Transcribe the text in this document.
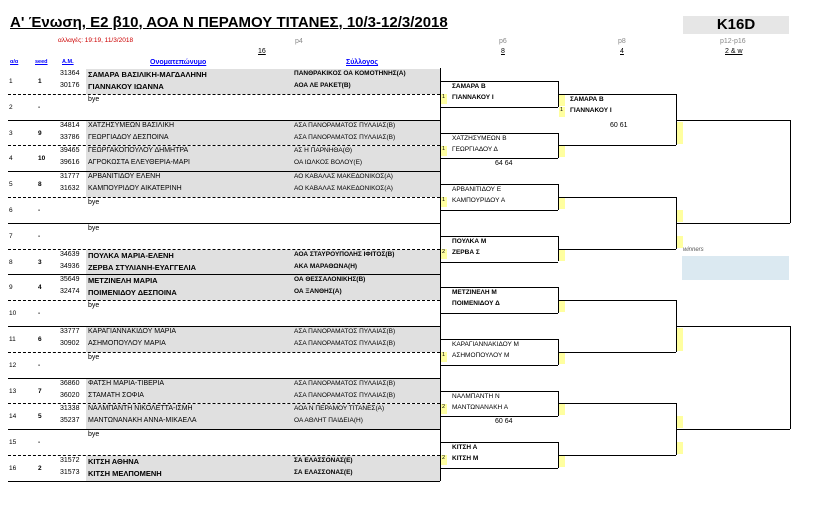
Α' Ένωση, Ε2 β10, ΑΟΑ Ν ΠΕΡΑΜΟΥ ΤΙΤΑΝΕΣ, 10/3-12/3/2018	K16D
αλλαγές: 19:19, 11/3/2018	p4	p6	p8	p12-p16
16	8	4	2 & w
α/α	seed	Α.Μ.	Ονοματεπώνυμο	Σύλλογος
1	1
31364 ΣΑΜΑΡΑ ΒΑΣΙΛΙΚΗ-ΜΑΓΔΑΛΗΝΗ	ΠΑΝΘΡΑΚΙΚΟΣ ΟΑ ΚΟΜΟΤΗΝΗΣ(Α)
30176 ΓΙΑΝΝΑΚΟΥ ΙΩΑΝΝΑ	ΑΟΑ ΛΕ ΡΑΚΕΤ(Β)
2	-
bye
3	9
34814 ΧΑΤΖΗΣΥΜΕΩΝ ΒΑΣΙΛΙΚΗ	ΑΣΑ ΠΑΝΟΡΑΜΑΤΟΣ ΠΥΛΑΙΑΣ(Β)
33786 ΓΕΩΡΓΙΑΔΟΥ ΔΕΣΠΟΙΝΑ	ΑΣΑ ΠΑΝΟΡΑΜΑΤΟΣ ΠΥΛΑΙΑΣ(Β)
4	10
39465 ΓΕΩΡΓΑΚΟΠΟΥΛΟΥ ΔΗΜΗΤΡΑ	ΑΣ Η ΠΑΡΝΗΘΑ(Θ)
39616 ΑΓΡΟΚΩΣΤΑ ΕΛΕΥΘΕΡΙΑ-ΜΑΡΙ	ΟΑ ΙΩΛΚΟΣ ΒΟΛΟΥ(Ε)
5	8
31777 ΑΡΒΑΝΙΤΙΔΟΥ ΕΛΕΝΗ	ΑΟ ΚΑΒΑΛΑΣ ΜΑΚΕΔΟΝΙΚΟΣ(Α)
31632 ΚΑΜΠΟΥΡΙΔΟΥ ΑΙΚΑΤΕΡΙΝΗ	ΑΟ ΚΑΒΑΛΑΣ ΜΑΚΕΔΟΝΙΚΟΣ(Α)
6	-
bye
7	-
bye
8	3
34639 ΠΟΥΛΚΑ ΜΑΡΙΑ-ΕΛΕΝΗ	ΑΟΑ ΣΤΑΥΡΟΥΠΟΛΗΣ ΙΦΙΤΟΣ(Β)
34936 ΖΕΡΒΑ ΣΤΥΛΙΑΝΗ-ΕΥΑΓΓΕΛΙΑ	ΑΚΑ ΜΑΡΑΘΩΝΑ(Η)
9	4
35649 ΜΕΤΖΙΝΕΛΗ ΜΑΡΙΑ	ΟΑ ΘΕΣΣΑΛΟΝΙΚΗΣ(Β)
32474 ΠΟΙΜΕΝΙΔΟΥ ΔΕΣΠΟΙΝΑ	ΟΑ ΞΑΝΘΗΣ(Α)
10	-
bye
11	6
33777 ΚΑΡΑΓΙΑΝΝΑΚΙΔΟΥ ΜΑΡΙΑ	ΑΣΑ ΠΑΝΟΡΑΜΑΤΟΣ ΠΥΛΑΙΑΣ(Β)
30902 ΑΣΗΜΟΠΟΥΛΟΥ ΜΑΡΙΑ	ΑΣΑ ΠΑΝΟΡΑΜΑΤΟΣ ΠΥΛΑΙΑΣ(Β)
12	-
bye
13	7
36860 ΦΑΤΣΗ ΜΑΡΙΑ-ΤΙΒΕΡΙΑ	ΑΣΑ ΠΑΝΟΡΑΜΑΤΟΣ ΠΥΛΑΙΑΣ(Β)
36020 ΣΤΑΜΑΤΗ ΣΟΦΙΑ	ΑΣΑ ΠΑΝΟΡΑΜΑΤΟΣ ΠΥΛΑΙΑΣ(Β)
14	5
31338 ΝΑΛΜΠΑΝΤΗ ΝΙΚΟΛΕΤΤΑ-ΙΣΜΗ	ΑΟΑ Ν ΠΕΡΑΜΟΥ ΤΙΤΑΝΕΣ(Α)
35237 ΜΑΝΤΩΝΑΝΑΚΗ ΑΝΝΑ-ΜΙΚΑΕΛΑ	ΟΑ ΑΘΛΗΤ ΠΑΙΔΕΙΑ(Η)
15	-
bye
16	2
31572 ΚΙΤΣΗ ΑΘΗΝΑ	ΣΑ ΕΛΑΣΣΟΝΑΣ(Ε)
31573 ΚΙΤΣΗ ΜΕΛΠΟΜΕΝΗ	ΣΑ ΕΛΑΣΣΟΝΑΣ(Ε)
ΣΑΜΑΡΑ Β
ΓΙΑΝΝΑΚΟΥ Ι
1
ΧΑΤΖΗΣΥΜΕΩΝ Β
ΓΕΩΡΓΙΑΔΟΥ Δ
1
64 64
ΑΡΒΑΝΙΤΙΔΟΥ Ε
ΚΑΜΠΟΥΡΙΔΟΥ Α
1
ΠΟΥΛΚΑ Μ
ΖΕΡΒΑ Σ
2
ΜΕΤΖΙΝΕΛΗ Μ
ΠΟΙΜΕΝΙΔΟΥ Δ
ΚΑΡΑΓΙΑΝΝΑΚΙΔΟΥ Μ
ΑΣΗΜΟΠΟΥΛΟΥ Μ
1
ΝΑΛΜΠΑΝΤΗ Ν
ΜΑΝΤΩΝΑΝΑΚΗ Α
2
60 64
ΚΙΤΣΗ Α
ΚΙΤΣΗ Μ
2
ΣΑΜΑΡΑ Β
ΓΙΑΝΝΑΚΟΥ Ι
1
60 61
winners
